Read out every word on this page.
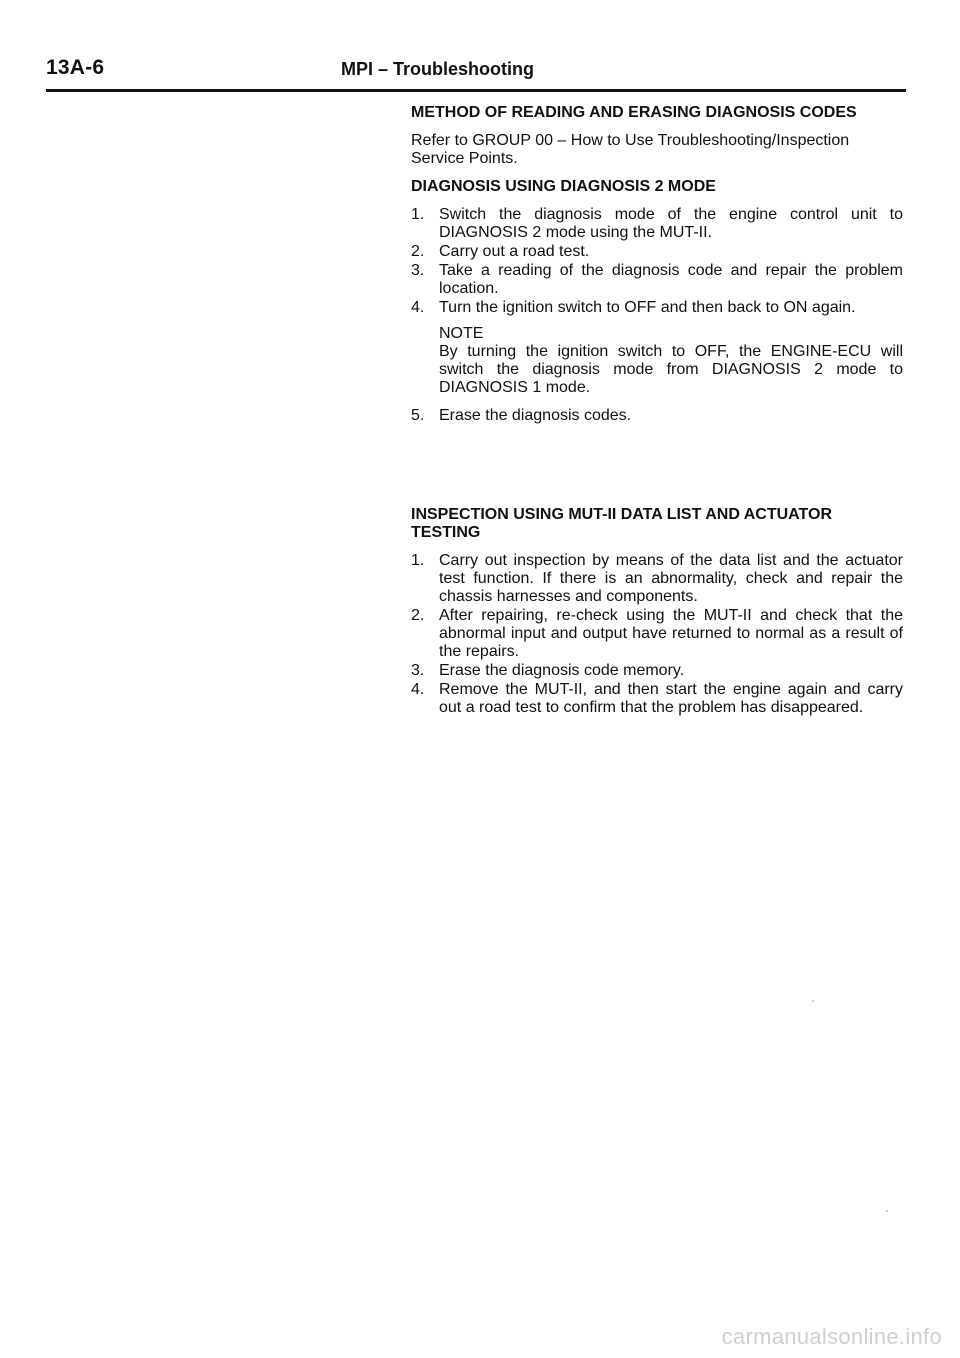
13A-6	MPI – Troubleshooting
METHOD OF READING AND ERASING DIAGNOSIS CODES
Refer to GROUP 00 – How to Use Troubleshooting/Inspection Service Points.
DIAGNOSIS USING DIAGNOSIS 2 MODE
1. Switch the diagnosis mode of the engine control unit to DIAGNOSIS 2 mode using the MUT-II.
2. Carry out a road test.
3. Take a reading of the diagnosis code and repair the problem location.
4. Turn the ignition switch to OFF and then back to ON again.
NOTE
By turning the ignition switch to OFF, the ENGINE-ECU will switch the diagnosis mode from DIAGNOSIS 2 mode to DIAGNOSIS 1 mode.
5. Erase the diagnosis codes.
INSPECTION USING MUT-II DATA LIST AND ACTUATOR TESTING
1. Carry out inspection by means of the data list and the actuator test function. If there is an abnormality, check and repair the chassis harnesses and components.
2. After repairing, re-check using the MUT-II and check that the abnormal input and output have returned to normal as a result of the repairs.
3. Erase the diagnosis code memory.
4. Remove the MUT-II, and then start the engine again and carry out a road test to confirm that the problem has disappeared.
carmanualsonline.info
